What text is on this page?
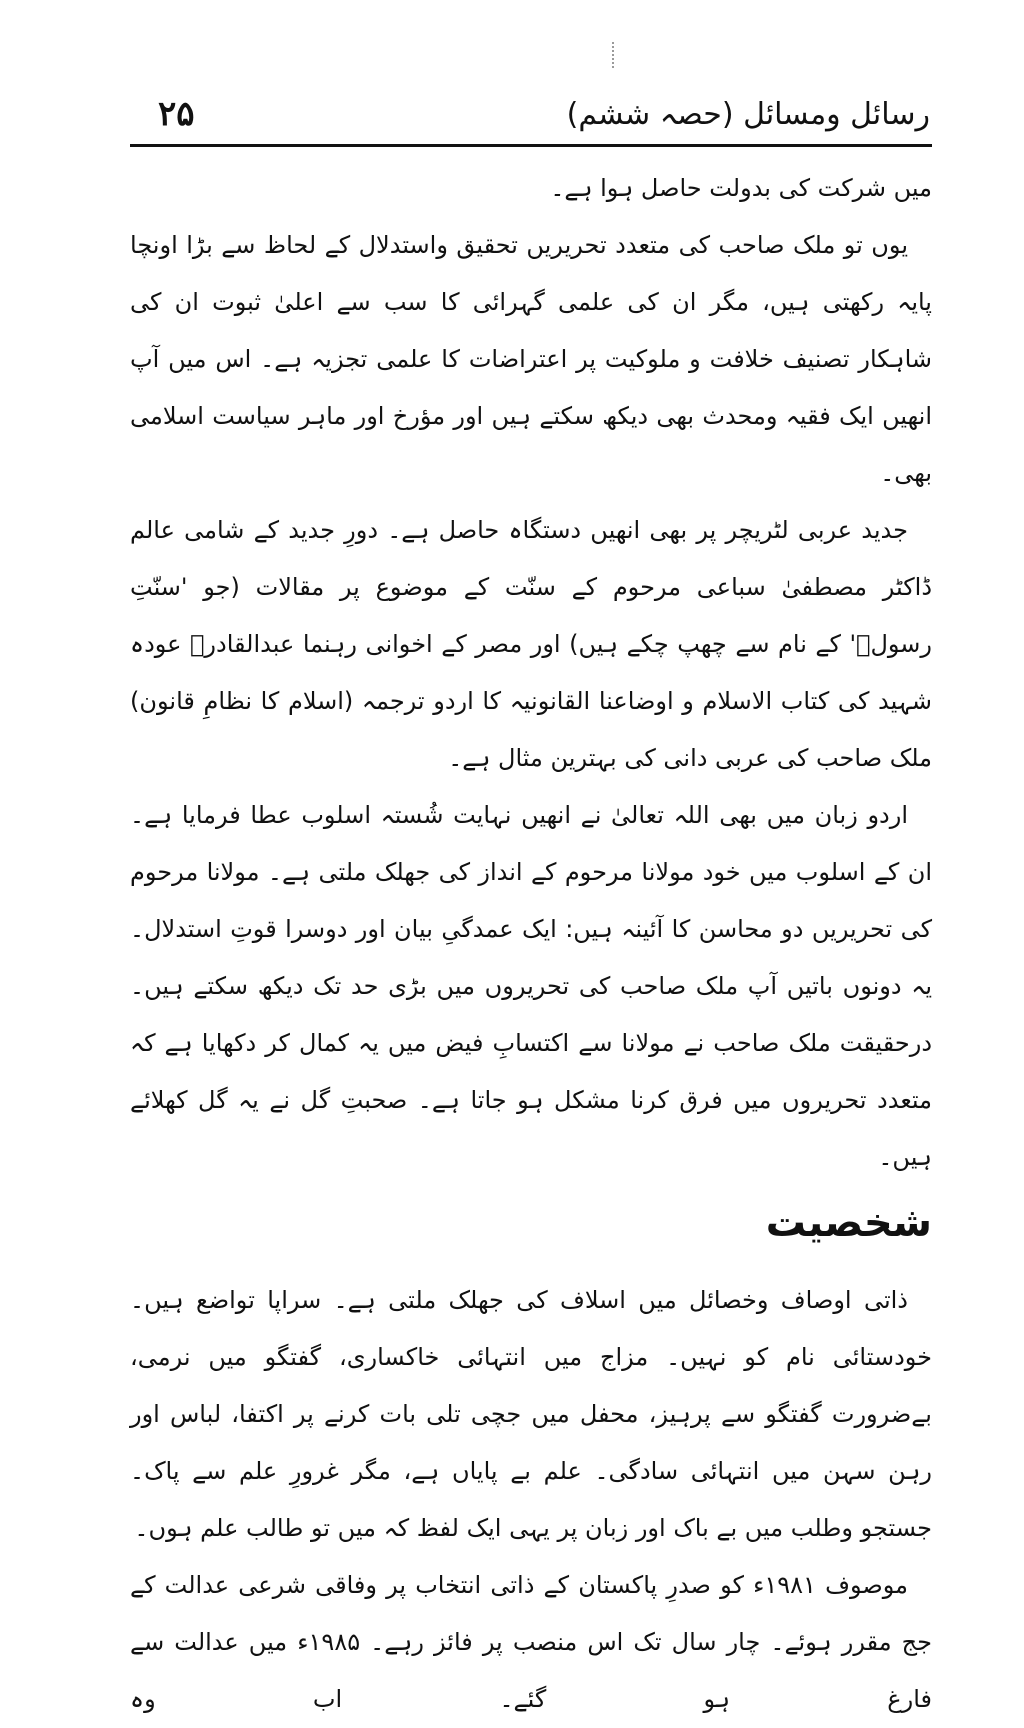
رسائل ومسائل (حصہ ششم)
۲۵

میں شرکت کی بدولت حاصل ہوا ہے۔

یوں تو ملک صاحب کی متعدد تحریریں تحقیق واستدلال کے لحاظ سے بڑا اونچا پایہ رکھتی ہیں، مگر ان کی علمی گہرائی کا سب سے اعلیٰ ثبوت ان کی شاہکار تصنیف خلافت و ملوکیت پر اعتراضات کا علمی تجزیہ ہے۔ اس میں آپ انھیں ایک فقیہ ومحدث بھی دیکھ سکتے ہیں اور مؤرخ اور ماہر سیاست اسلامی بھی۔

جدید عربی لٹریچر پر بھی انھیں دستگاہ حاصل ہے۔ دورِ جدید کے شامی عالم ڈاکٹر مصطفیٰ سباعی مرحوم کے سنّت کے موضوع پر مقالات (جو 'سنّتِ رسولؐ' کے نام سے چھپ چکے ہیں) اور مصر کے اخوانی رہنما عبدالقادرؒ عودہ شہید کی کتاب الاسلام و اوضاعنا القانونیہ کا اردو ترجمہ (اسلام کا نظامِ قانون) ملک صاحب کی عربی دانی کی بہترین مثال ہے۔

اردو زبان میں بھی اللہ تعالیٰ نے انھیں نہایت شُستہ اسلوب عطا فرمایا ہے۔ ان کے اسلوب میں خود مولانا مرحوم کے انداز کی جھلک ملتی ہے۔ مولانا مرحوم کی تحریریں دو محاسن کا آئینہ ہیں: ایک عمدگیِ بیان اور دوسرا قوتِ استدلال۔ یہ دونوں باتیں آپ ملک صاحب کی تحریروں میں بڑی حد تک دیکھ سکتے ہیں۔ درحقیقت ملک صاحب نے مولانا سے اکتسابِ فیض میں یہ کمال کر دکھایا ہے کہ متعدد تحریروں میں فرق کرنا مشکل ہو جاتا ہے۔ صحبتِ گل نے یہ گل کھلائے ہیں۔

شخصیت

ذاتی اوصاف وخصائل میں اسلاف کی جھلک ملتی ہے۔ سراپا تواضع ہیں۔ خودستائی نام کو نہیں۔ مزاج میں انتہائی خاکساری، گفتگو میں نرمی، بےضرورت گفتگو سے پرہیز، محفل میں جچی تلی بات کرنے پر اکتفا، لباس اور رہن سہن میں انتہائی سادگی۔ علم بے پایاں ہے، مگر غرورِ علم سے پاک۔ جستجو وطلب میں بے باک اور زبان پر یہی ایک لفظ کہ میں تو طالب علم ہوں۔

موصوف ۱۹۸۱ء کو صدرِ پاکستان کے ذاتی انتخاب پر وفاقی شرعی عدالت کے جج مقرر ہوئے۔ چار سال تک اس منصب پر فائز رہے۔ ۱۹۸۵ء میں عدالت سے فارغ ہو گئے۔ اب وہ
